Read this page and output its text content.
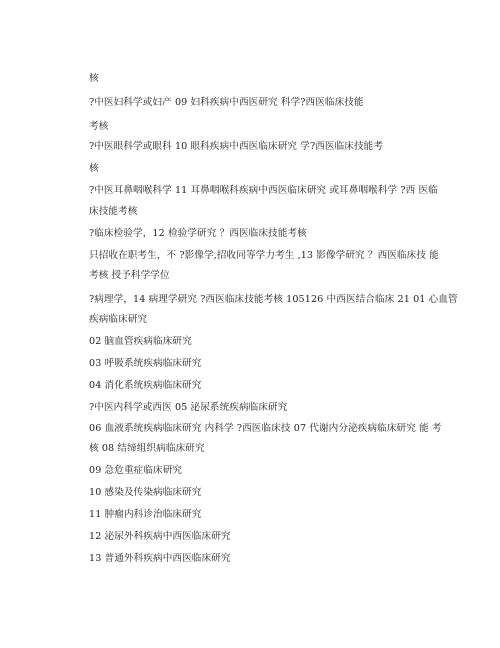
核
?中医妇科学或妇产 09 妇科疾病中西医研究 科学?西医临床技能
考核
?中医眼科学或眼科 10 眼科疾病中西医临床研究 学?西医临床技能考
核
?中医耳鼻咽喉科学 11 耳鼻咽喉科疾病中西医临床研究 或耳鼻咽喉科学 ?西 医临
床技能考核
?临床检验学，12 检验学研究 ？西医临床技能考核
只招收在职考生，不 ?影像学,招收同等学力考生 ,13 影像学研究 ？西医临床技 能
考核 授予科学学位
?病理学，14 病理学研究 ?西医临床技能考核 105126 中西医结合临床 21 01 心血管
疾病临床研究
02 脑血管疾病临床研究
03 呼吸系统疾病临床研究
04 消化系统疾病临床研究
?中医内科学或西医 05 泌尿系统疾病临床研究
06 血液系统疾病临床研究 内科学 ?西医临床技 07 代谢内分泌疾病临床研究 能 考
核 08 结缔组织病临床研究
09 急危重症临床研究
10 感染及传染病临床研究
11 肿瘤内科诊治临床研究
12 泌尿外科疾病中西医临床研究
13 普通外科疾病中西医临床研究
